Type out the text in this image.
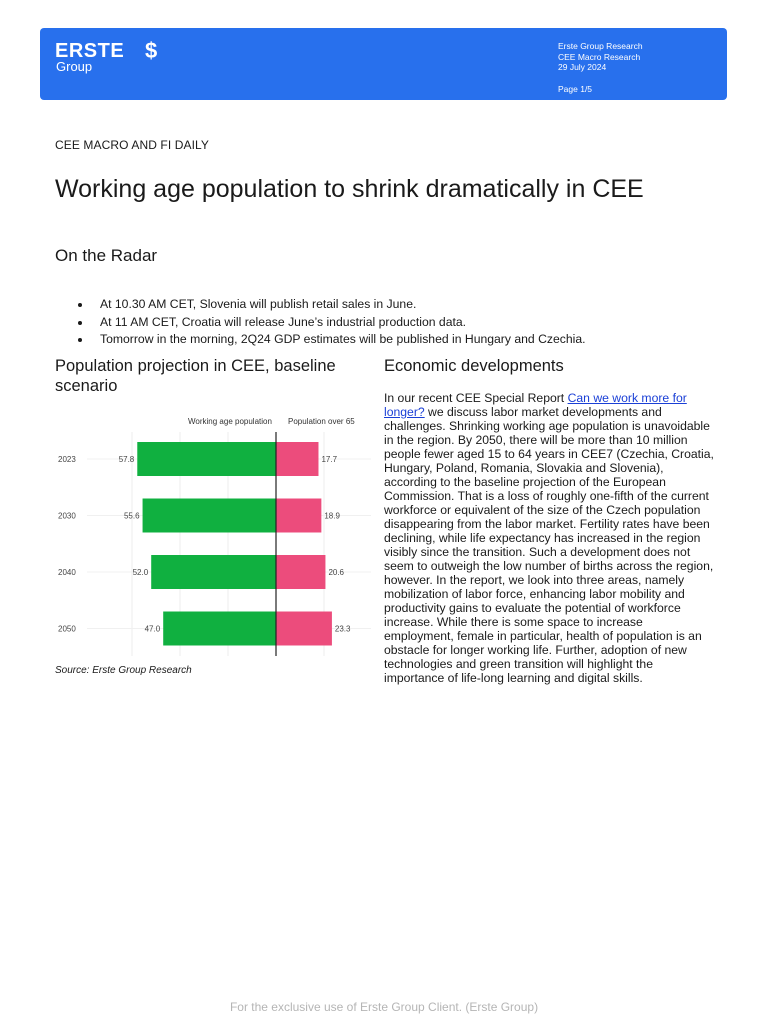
ERSTE $
Group
Erste Group Research
CEE Macro Research
29 July 2024
Page 1/5
CEE MACRO AND FI DAILY
Working age population to shrink dramatically in CEE
On the Radar
At 10.30 AM CET, Slovenia will publish retail sales in June.
At 11 AM CET, Croatia will release June’s industrial production data.
Tomorrow in the morning, 2Q24 GDP estimates will be published in Hungary and Czechia.
Population projection in CEE, baseline scenario
Economic developments
Working age population Population over 65
2023	57.8	17.7
2030	55.6	18.9
2040	52.0	20.6
2050	47.0	23.3
Source: Erste Group Research

In our recent CEE Special Report Can we work more for longer? we discuss labor market developments and challenges. Shrinking working age population is unavoidable in the region. By 2050, there will be more than 10 million people fewer aged 15 to 64 years in CEE7 (Czechia, Croatia, Hungary, Poland, Romania, Slovakia and Slovenia), according to the baseline projection of the European Commission. That is a loss of roughly one-fifth of the current workforce or equivalent of the size of the Czech population disappearing from the labor market. Fertility rates have been declining, while life expectancy has increased in the region visibly since the transition. Such a development does not seem to outweigh the low number of births across the region, however. In the report, we look into three areas, namely mobilization of labor force, enhancing labor mobility and productivity gains to evaluate the potential of workforce increase. While there is some space to increase employment, female in particular, health of population is an obstacle for longer working life. Further, adoption of new technologies and green transition will highlight the importance of life-long learning and digital skills.

For the exclusive use of Erste Group Client. (Erste Group)
